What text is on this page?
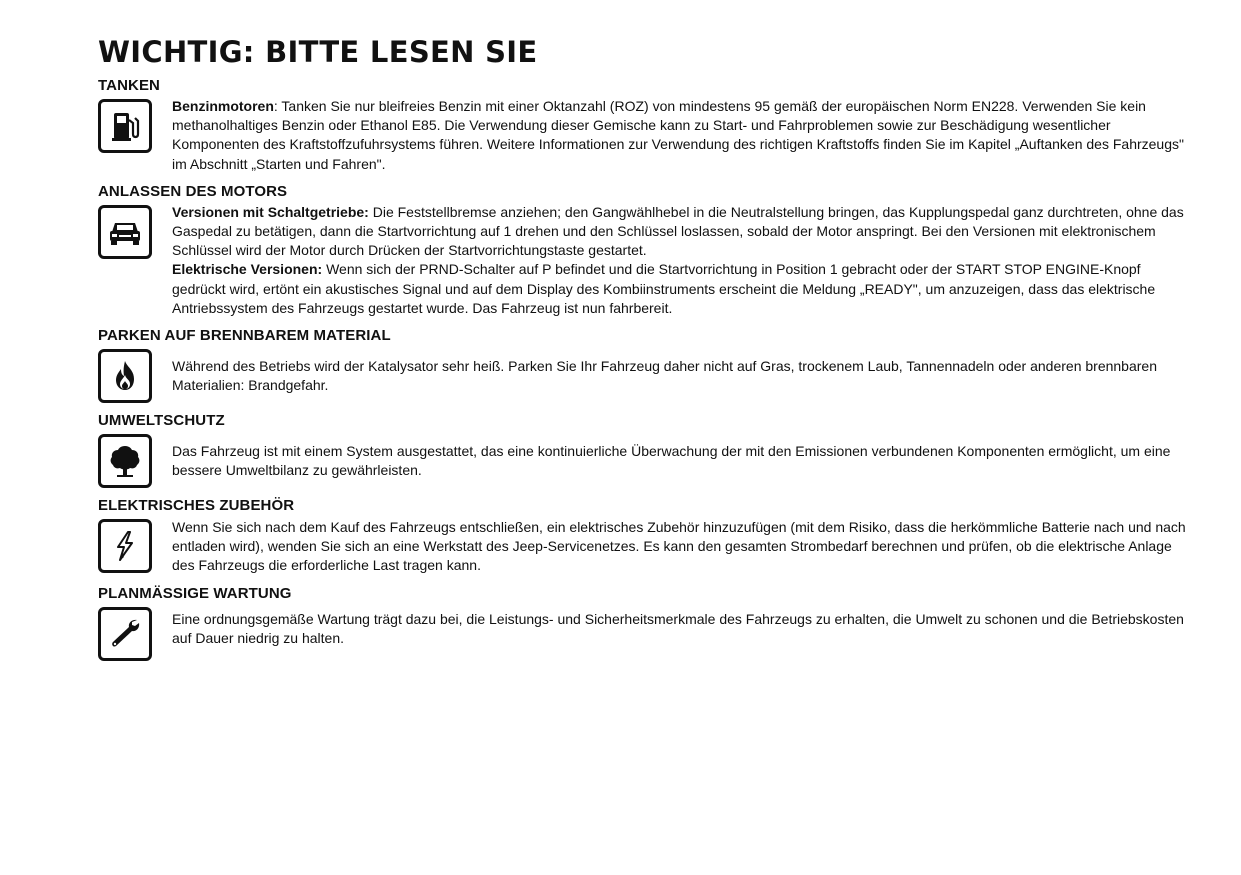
WICHTIG: BITTE LESEN SIE
TANKEN

Benzinmotoren: Tanken Sie nur bleifreies Benzin mit einer Oktanzahl (ROZ) von mindestens 95 gemäß der europäischen Norm EN228. Verwenden Sie kein methanolhaltiges Benzin oder Ethanol E85. Die Verwendung dieser Gemische kann zu Start- und Fahrproblemen sowie zur Beschädigung wesentlicher Komponenten des Kraftstoffzufuhrsystems führen. Weitere Informationen zur Verwendung des richtigen Kraftstoffs finden Sie im Kapitel „Auftanken des Fahrzeugs" im Abschnitt „Starten und Fahren".

ANLASSEN DES MOTORS

Versionen mit Schaltgetriebe: Die Feststellbremse anziehen; den Gangwählhebel in die Neutralstellung bringen, das Kupplungspedal ganz durchtreten, ohne das Gaspedal zu betätigen, dann die Startvorrichtung auf 1 drehen und den Schlüssel loslassen, sobald der Motor anspringt. Bei den Versionen mit elektronischem Schlüssel wird der Motor durch Drücken der Startvorrichtungstaste gestartet.

Elektrische Versionen: Wenn sich der PRND-Schalter auf P befindet und die Startvorrichtung in Position 1 gebracht oder der START STOP ENGINE-Knopf gedrückt wird, ertönt ein akustisches Signal und auf dem Display des Kombiinstruments erscheint die Meldung „READY", um anzuzeigen, dass das elektrische Antriebssystem des Fahrzeugs gestartet wurde. Das Fahrzeug ist nun fahrbereit.

PARKEN AUF BRENNBAREM MATERIAL

Während des Betriebs wird der Katalysator sehr heiß. Parken Sie Ihr Fahrzeug daher nicht auf Gras, trockenem Laub, Tannennadeln oder anderen brennbaren Materialien: Brandgefahr.

UMWELTSCHUTZ

Das Fahrzeug ist mit einem System ausgestattet, das eine kontinuierliche Überwachung der mit den Emissionen verbundenen Komponenten ermöglicht, um eine bessere Umweltbilanz zu gewährleisten.

ELEKTRISCHES ZUBEHÖR

Wenn Sie sich nach dem Kauf des Fahrzeugs entschließen, ein elektrisches Zubehör hinzuzufügen (mit dem Risiko, dass die herkömmliche Batterie nach und nach entladen wird), wenden Sie sich an eine Werkstatt des Jeep-Servicenetzes. Es kann den gesamten Strombedarf berechnen und prüfen, ob die elektrische Anlage des Fahrzeugs die erforderliche Last tragen kann.

PLANMÄSSIGE WARTUNG

Eine ordnungsgemäße Wartung trägt dazu bei, die Leistungs- und Sicherheitsmerkmale des Fahrzeugs zu erhalten, die Umwelt zu schonen und die Betriebskosten auf Dauer niedrig zu halten.
